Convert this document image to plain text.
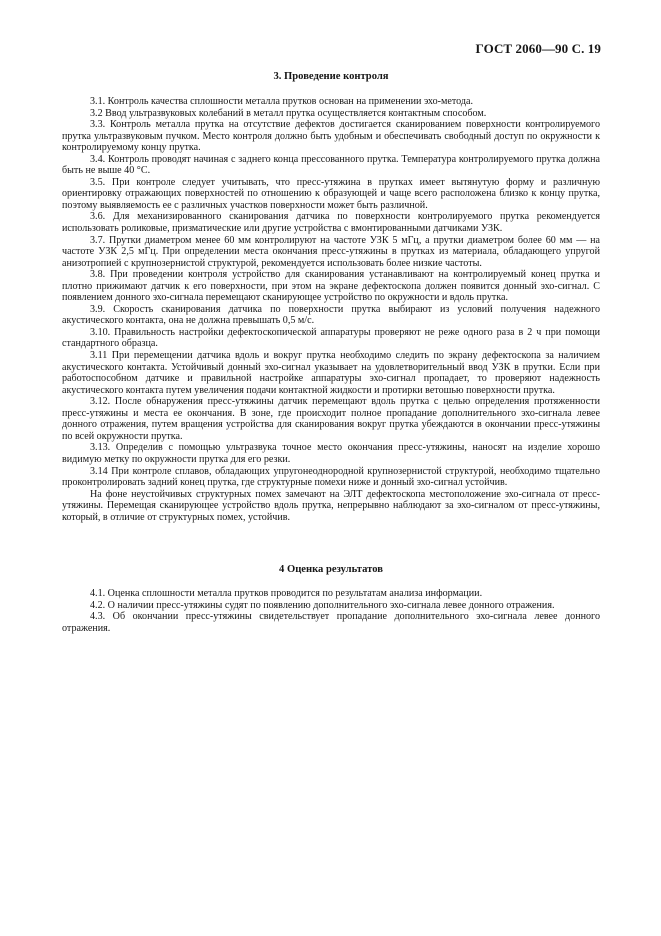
ГОСТ 2060—90 С. 19
3. Проведение контроля

3.1. Контроль качества сплошности металла прутков основан на применении эхо-метода.

3.2 Ввод ультразвуковых колебаний в металл прутка осуществляется контактным способом.

3.3. Контроль металла прутка на отсутствие дефектов достигается сканированием поверхности контролируемого прутка ультразвуковым пучком. Место контроля должно быть удобным и обеспечивать свободный доступ по окружности к контролируемому концу прутка.

3.4. Контроль проводят начиная с заднего конца прессованного прутка. Температура контролируемого прутка должна быть не выше 40 °С.

3.5. При контроле следует учитывать, что пресс-утяжина в прутках имеет вытянутую форму и различную ориентировку отражающих поверхностей по отношению к образующей и чаще всего расположена близко к концу прутка, поэтому выявляемость ее с различных участков поверхности может быть различной.

3.6. Для механизированного сканирования датчика по поверхности контролируемого прутка рекомендуется использовать роликовые, призматические или другие устройства с вмонтированными датчиками УЗК.

3.7. Прутки диаметром менее 60 мм контролируют на частоте УЗК 5 мГц, а прутки диаметром более 60 мм — на частоте УЗК 2,5 мГц. При определении места окончания пресс-утяжины в прутках из материала, обладающего упругой анизотропией с крупнозернистой структурой, рекомендуется использовать более низкие частоты.

3.8. При проведении контроля устройство для сканирования устанавливают на контролируемый конец прутка и плотно прижимают датчик к его поверхности, при этом на экране дефектоскопа должен появится донный эхо-сигнал. С появлением донного эхо-сигнала перемещают сканирующее устройство по окружности и вдоль прутка.

3.9. Скорость сканирования датчика по поверхности прутка выбирают из условий получения надежного акустического контакта, она не должна превышать 0,5 м/с.

3.10. Правильность настройки дефектоскопической аппаратуры проверяют не реже одного раза в 2 ч при помощи стандартного образца.

3.11 При перемещении датчика вдоль и вокруг прутка необходимо следить по экрану дефектоскопа за наличием акустического контакта. Устойчивый донный эхо-сигнал указывает на удовлетворительный ввод УЗК в прутки. Если при работоспособном датчике и правильной настройке аппаратуры эхо-сигнал пропадает, то проверяют надежность акустического контакта путем увеличения подачи контактной жидкости и протирки ветошью поверхности прутка.

3.12. После обнаружения пресс-утяжины датчик перемещают вдоль прутка с целью определения протяженности пресс-утяжины и места ее окончания. В зоне, где происходит полное пропадание дополнительного эхо-сигнала левее донного отражения, путем вращения устройства для сканирования вокруг прутка убеждаются в окончании пресс-утяжины по всей окружности прутка.

3.13. Определив с помощью ультразвука точное место окончания пресс-утяжины, наносят на изделие хорошо видимую метку по окружности прутка для его резки.

3.14 При контроле сплавов, обладающих упругонеоднородной крупнозернистой структурой, необходимо тщательно проконтролировать задний конец прутка, где структурные помехи ниже и донный эхо-сигнал устойчив.

На фоне неустойчивых структурных помех замечают на ЭЛТ дефектоскопа местоположение эхо-сигнала от пресс-утяжины. Перемещая сканирующее устройство вдоль прутка, непрерывно наблюдают за эхо-сигналом от пресс-утяжины, который, в отличие от структурных помех, устойчив.

4 Оценка результатов

4.1. Оценка сплошности металла прутков проводится по результатам анализа информации.

4.2. О наличии пресс-утяжины судят по появлению дополнительного эхо-сигнала левее донного отражения.

4.3. Об окончании пресс-утяжины свидетельствует пропадание дополнительного эхо-сигнала левее донного отражения.
